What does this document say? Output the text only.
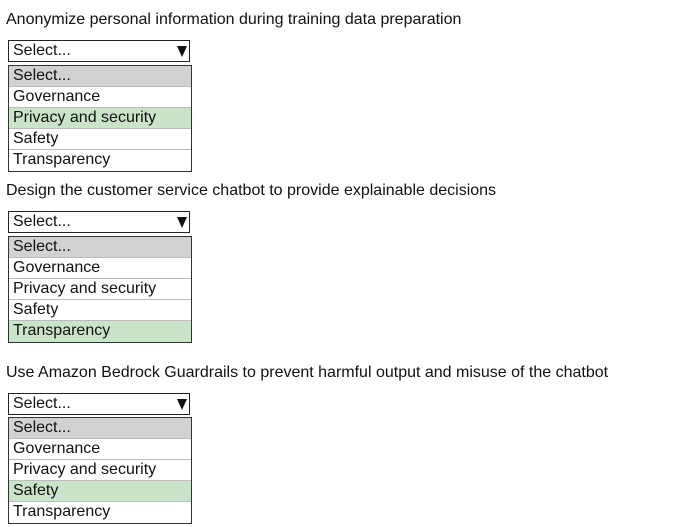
Anonymize personal information during training data preparation
Select...
Select...
Governance
Privacy and security
Safety
Transparency
Design the customer service chatbot to provide explainable decisions
Select...
Select...
Governance
Privacy and security
Safety
Transparency
Use Amazon Bedrock Guardrails to prevent harmful output and misuse of the chatbot
Select...
Select...
Governance
Privacy and security
Safety
Transparency
